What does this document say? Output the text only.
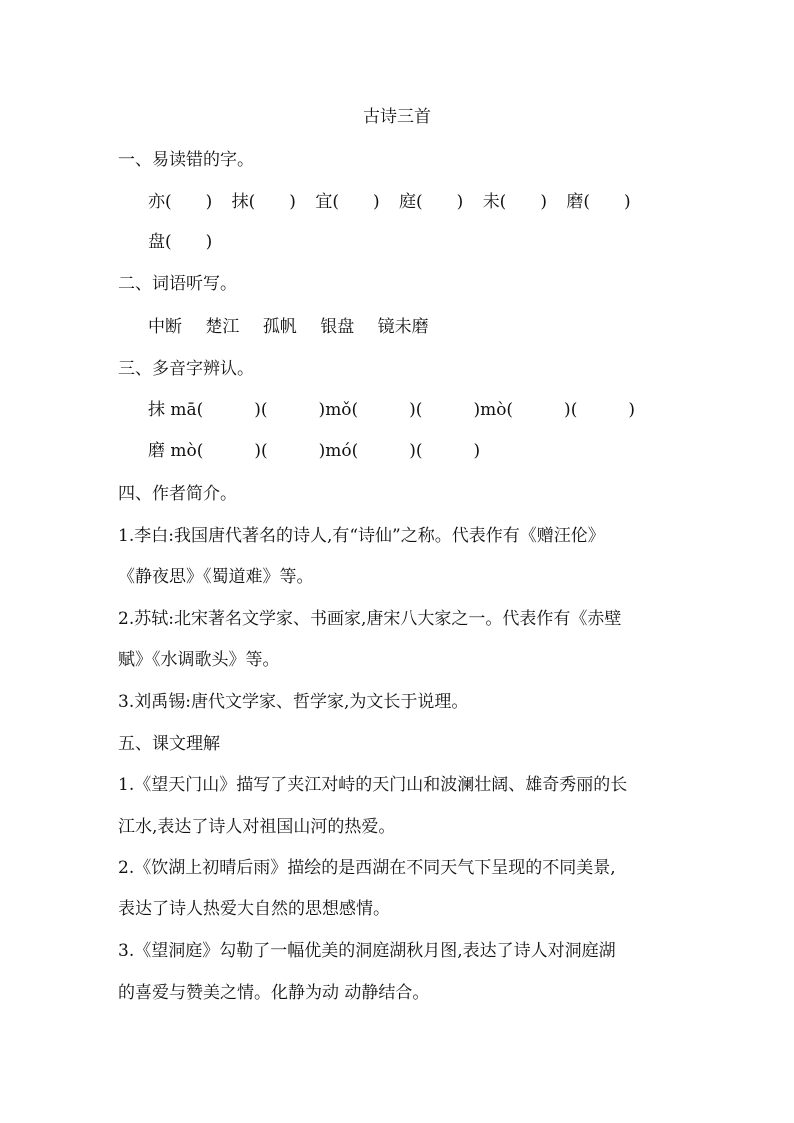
古诗三首
一、易读错的字。
亦(　　) 抹(　　) 宜(　　) 庭(　　) 未(　　) 磨(　　)
盘(　　)
二、词语听写。
中断 楚江 孤帆 银盘 镜未磨
三、多音字辨认。
抹 mā(　　　)(　　　)mǒ(　　　)(　　　)mò(　　　)(　　　)
磨 mò(　　　)(　　　)mó(　　　)(　　　)
四、作者简介。
1.李白:我国唐代著名的诗人,有“诗仙”之称。代表作有《赠汪伦》
《静夜思》《蜀道难》等。
2.苏轼:北宋著名文学家、书画家,唐宋八大家之一。代表作有《赤壁
赋》《水调歌头》等。
3.刘禹锡:唐代文学家、哲学家,为文长于说理。
五、课文理解
1.《望天门山》描写了夹江对峙的天门山和波澜壮阔、雄奇秀丽的长
江水,表达了诗人对祖国山河的热爱。
2.《饮湖上初晴后雨》描绘的是西湖在不同天气下呈现的不同美景,
表达了诗人热爱大自然的思想感情。
3.《望洞庭》勾勒了一幅优美的洞庭湖秋月图,表达了诗人对洞庭湖
的喜爱与赞美之情。化静为动 动静结合。
